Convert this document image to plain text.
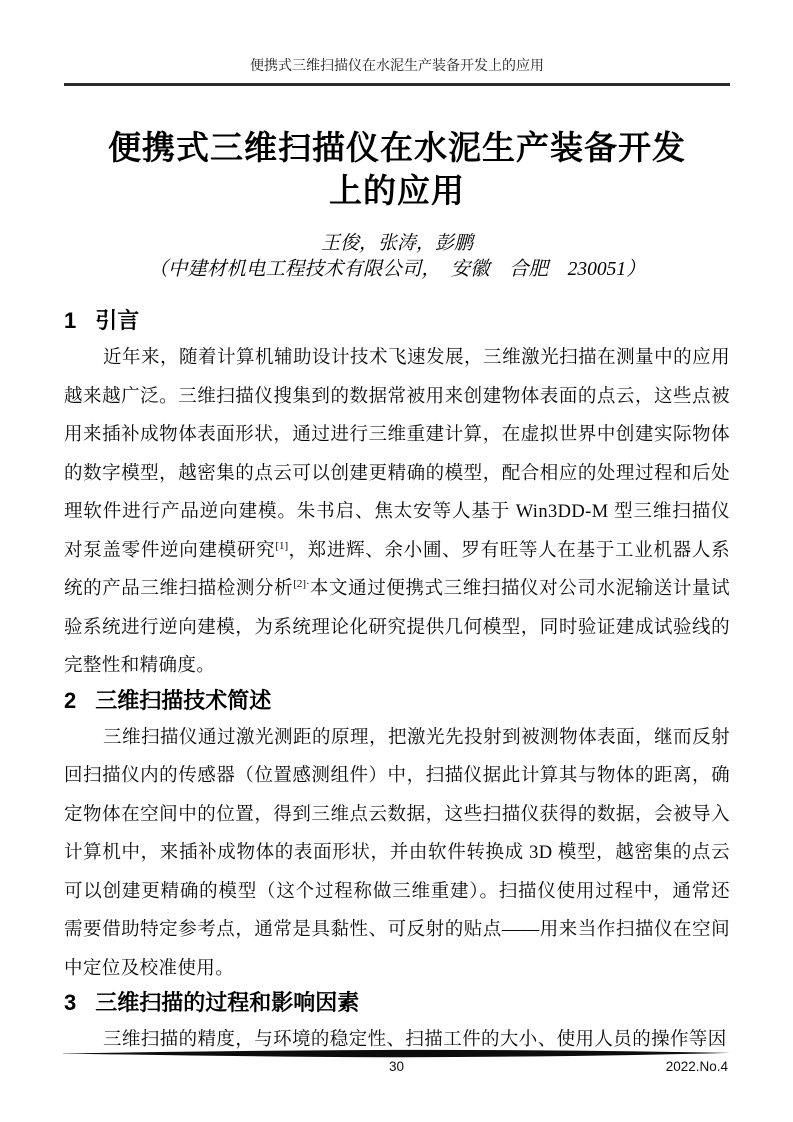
便携式三维扫描仪在水泥生产装备开发上的应用
便携式三维扫描仪在水泥生产装备开发
上的应用
王俊，张涛，彭鹏
（中建材机电工程技术有限公司，　安徽　合肥　230051）
1 引言

近年来，随着计算机辅助设计技术飞速发展，三维激光扫描在测量中的应用越来越广泛。三维扫描仪搜集到的数据常被用来创建物体表面的点云，这些点被用来插补成物体表面形状，通过进行三维重建计算，在虚拟世界中创建实际物体的数字模型，越密集的点云可以创建更精确的模型，配合相应的处理过程和后处理软件进行产品逆向建模。朱书启、焦太安等人基于 Win3DD-M 型三维扫描仪对泵盖零件逆向建模研究[1]，郑进辉、余小圃、罗有旺等人在基于工业机器人系统的产品三维扫描检测分析$^{[2]\cdot}$本文通过便携式三维扫描仪对公司水泥输送计量试验系统进行逆向建模，为系统理论化研究提供几何模型，同时验证建成试验线的完整性和精确度。

2 三维扫描技术简述

三维扫描仪通过激光测距的原理，把激光先投射到被测物体表面，继而反射回扫描仪内的传感器（位置感测组件）中，扫描仪据此计算其与物体的距离，确定物体在空间中的位置，得到三维点云数据，这些扫描仪获得的数据，会被导入计算机中，来插补成物体的表面形状，并由软件转换成 3D 模型，越密集的点云可以创建更精确的模型（这个过程称做三维重建）。扫描仪使用过程中，通常还需要借助特定参考点，通常是具黏性、可反射的贴点——用来当作扫描仪在空间中定位及校准使用。

3 三维扫描的过程和影响因素

三维扫描的精度，与环境的稳定性、扫描工件的大小、使用人员的操作等因

30	2022.No.4
